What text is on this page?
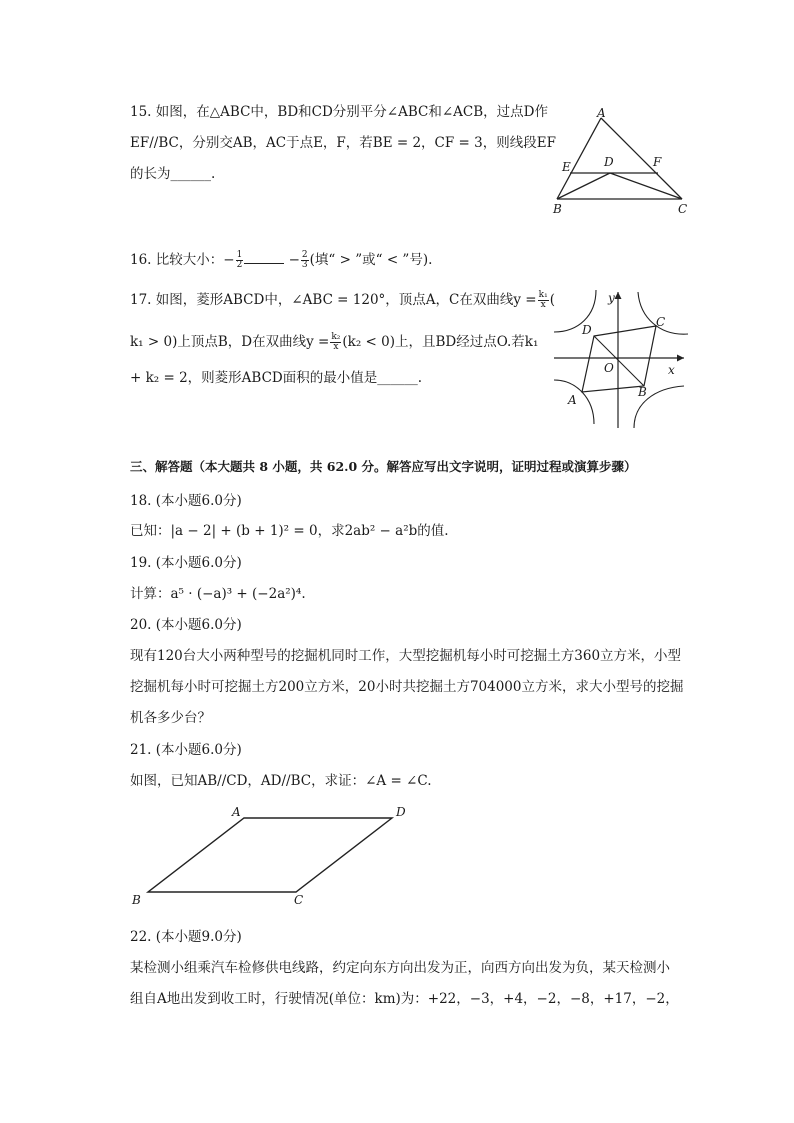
15. 如图，在△ABC中，BD和CD分别平分∠ABC和∠ACB，过点D作
EF//BC，分别交AB，AC于点E，F，若BE = 2，CF = 3，则线段EF
的长为______.
A
E	D	F
B	C
16. 比较大小：− $\frac{1}{2}$	− $\frac{2}{3}$ (填“ > ”或“ < ”号).
17. 如图，菱形ABCD中，∠ABC = 120°，顶点A，C在双曲线$y = \frac{\text{k₁}}{x}$ (
k₁ > 0)上顶点B，D在双曲线$y = \frac{\text{k₂}}{x} (k_2 < 0)$上，且BD经过点O.若k₁
+ k₂ = 2，则菱形ABCD面积的最小值是______.
y
x
O
D
C
A
B
三、解答题（本大题共 8 小题，共 62.0 分。解答应写出文字说明，证明过程或演算步骤）
18. (本小题6.0分)
已知：|a − 2| + (b + 1)² = 0，求2ab² − a²b的值.
19. (本小题6.0分)
计算：a⁵ · (−a)³ + (−2a²)⁴.
20. (本小题6.0分)
现有120台大小两种型号的挖掘机同时工作，大型挖掘机每小时可挖掘土方360立方米，小型
挖掘机每小时可挖掘土方200立方米，20小时共挖掘土方704000立方米，求大小型号的挖掘
机各多少台？
21. (本小题6.0分)
如图，已知AB//CD，AD//BC，求证：∠A = ∠C.
A	D
B	C
22. (本小题9.0分)
某检测小组乘汽车检修供电线路，约定向东方向出发为正，向西方向出发为负，某天检测小
组自A地出发到收工时，行驶情况(单位：km)为：+22，−3，+4，−2，−8，+17，−2，
